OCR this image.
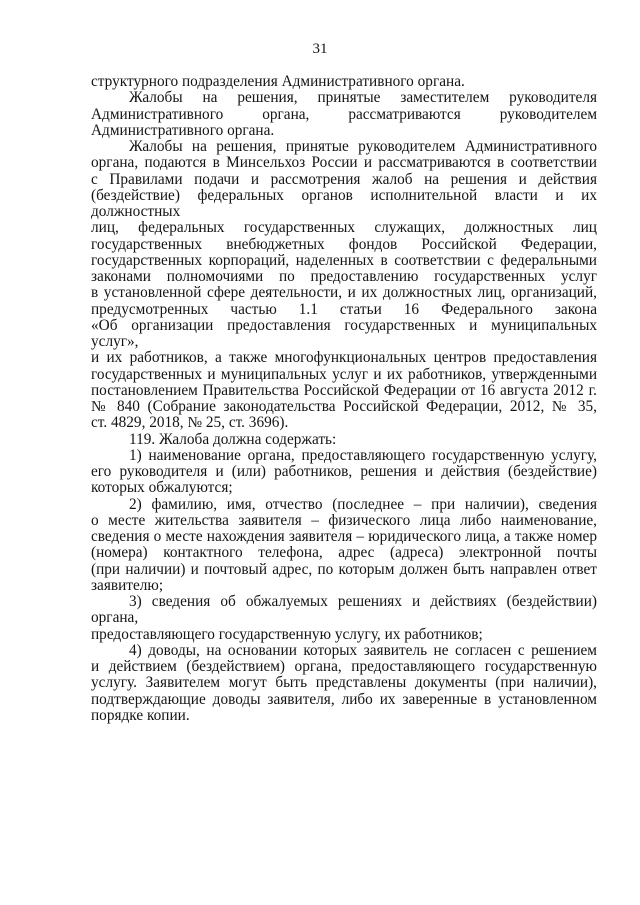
31

структурного подразделения Административного органа.

Жалобы на решения, принятые заместителем руководителя
Административного органа, рассматриваются руководителем
Административного органа.

Жалобы на решения, принятые руководителем Административного
органа, подаются в Минсельхоз России и рассматриваются в соответствии
с Правилами подачи и рассмотрения жалоб на решения и действия
(бездействие) федеральных органов исполнительной власти и их должностных
лиц, федеральных государственных служащих, должностных лиц
государственных внебюджетных фондов Российской Федерации,
государственных корпораций, наделенных в соответствии с федеральными
законами полномочиями по предоставлению государственных услуг
в установленной сфере деятельности, и их должностных лиц, организаций,
предусмотренных частью 1.1 статьи 16 Федерального закона
«Об организации предоставления государственных и муниципальных услуг»,
и их работников, а также многофункциональных центров предоставления
государственных и муниципальных услуг и их работников, утвержденными
постановлением Правительства Российской Федерации от 16 августа 2012 г.
№ 840 (Собрание законодательства Российской Федерации, 2012, № 35,
ст. 4829, 2018, № 25, ст. 3696).

119. Жалоба должна содержать:

1) наименование органа, предоставляющего государственную услугу,
его руководителя и (или) работников, решения и действия (бездействие)
которых обжалуются;

2) фамилию, имя, отчество (последнее – при наличии), сведения
о месте жительства заявителя – физического лица либо наименование,
сведения о месте нахождения заявителя – юридического лица, а также номер
(номера) контактного телефона, адрес (адреса) электронной почты
(при наличии) и почтовый адрес, по которым должен быть направлен ответ
заявителю;

3) сведения об обжалуемых решениях и действиях (бездействии) органа,
предоставляющего государственную услугу, их работников;

4) доводы, на основании которых заявитель не согласен с решением
и действием (бездействием) органа, предоставляющего государственную
услугу. Заявителем могут быть представлены документы (при наличии),
подтверждающие доводы заявителя, либо их заверенные в установленном
порядке копии.
